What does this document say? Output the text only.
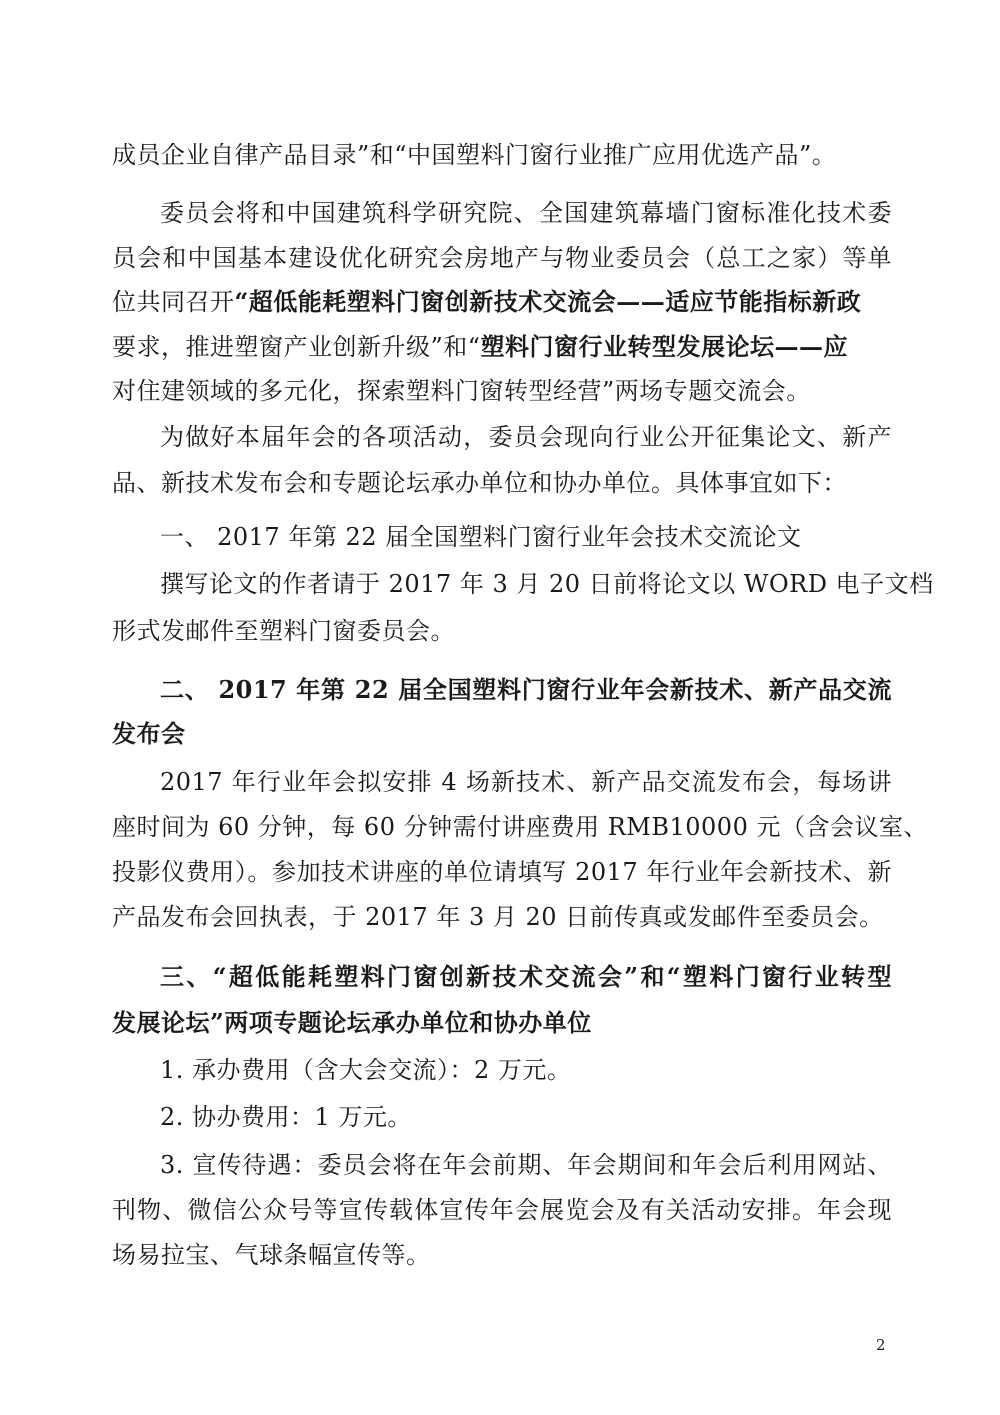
成员企业自律产品目录”和“中国塑料门窗行业推广应用优选产品”。
委员会将和中国建筑科学研究院、全国建筑幕墙门窗标准化技术委
员会和中国基本建设优化研究会房地产与物业委员会（总工之家）等单
位共同召开“超低能耗塑料门窗创新技术交流会——适应节能指标新政
要求，推进塑窗产业创新升级”和“塑料门窗行业转型发展论坛——应
对住建领域的多元化，探索塑料门窗转型经营”两场专题交流会。
为做好本届年会的各项活动，委员会现向行业公开征集论文、新产
品、新技术发布会和专题论坛承办单位和协办单位。具体事宜如下：
一、 2017 年第 22 届全国塑料门窗行业年会技术交流论文
撰写论文的作者请于 2017 年 3 月 20 日前将论文以 WORD 电子文档
形式发邮件至塑料门窗委员会。
二、 2017 年第 22 届全国塑料门窗行业年会新技术、新产品交流
发布会
2017 年行业年会拟安排 4 场新技术、新产品交流发布会，每场讲
座时间为 60 分钟，每 60 分钟需付讲座费用 RMB10000 元（含会议室、
投影仪费用）。参加技术讲座的单位请填写 2017 年行业年会新技术、新
产品发布会回执表，于 2017 年 3 月 20 日前传真或发邮件至委员会。
三、“超低能耗塑料门窗创新技术交流会”和“塑料门窗行业转型
发展论坛”两项专题论坛承办单位和协办单位
1. 承办费用（含大会交流）：2 万元。
2. 协办费用：1 万元。
3. 宣传待遇：委员会将在年会前期、年会期间和年会后利用网站、
刊物、微信公众号等宣传载体宣传年会展览会及有关活动安排。年会现
场易拉宝、气球条幅宣传等。
2
